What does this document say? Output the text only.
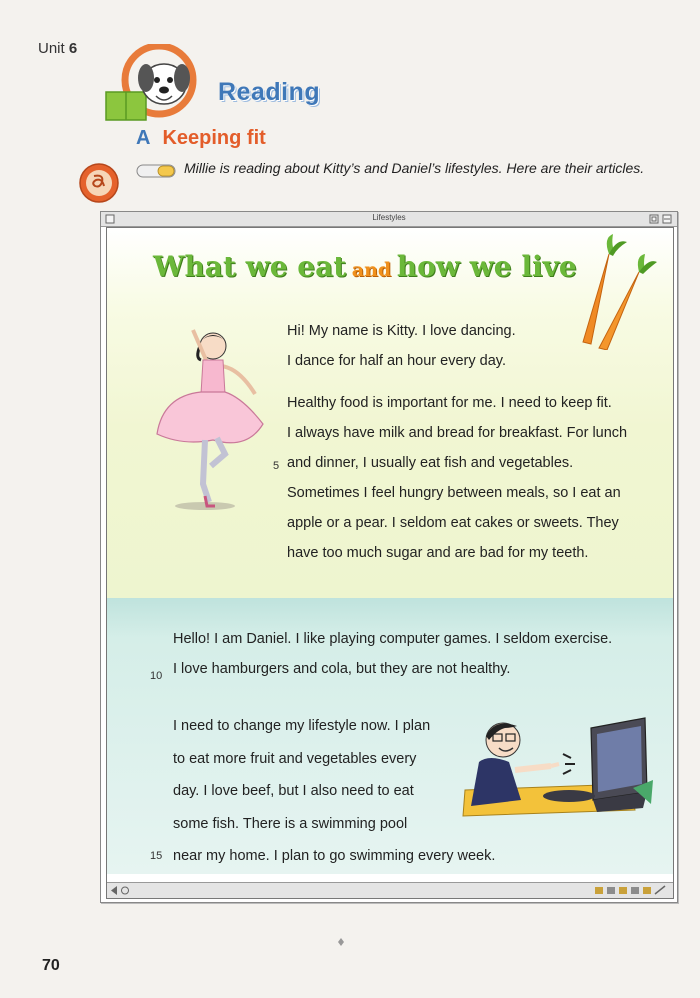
Unit 6
Reading
A Keeping fit
Millie is reading about Kitty’s and Daniel’s lifestyles. Here are their articles.
Lifestyles
What we eat and how we live
Hi! My name is Kitty. I love dancing.
I dance for half an hour every day.
Healthy food is important for me. I need to keep fit.
I always have milk and bread for breakfast. For lunch
and dinner, I usually eat fish and vegetables.
Sometimes I feel hungry between meals, so I eat an
apple or a pear. I seldom eat cakes or sweets. They
have too much sugar and are bad for my teeth.
5
Hello! I am Daniel. I like playing computer games. I seldom exercise.
I love hamburgers and cola, but they are not healthy.
10
I need to change my lifestyle now. I plan
to eat more fruit and vegetables every
day. I love beef, but I also need to eat
some fish. There is a swimming pool
near my home. I plan to go swimming every week.
15
70
